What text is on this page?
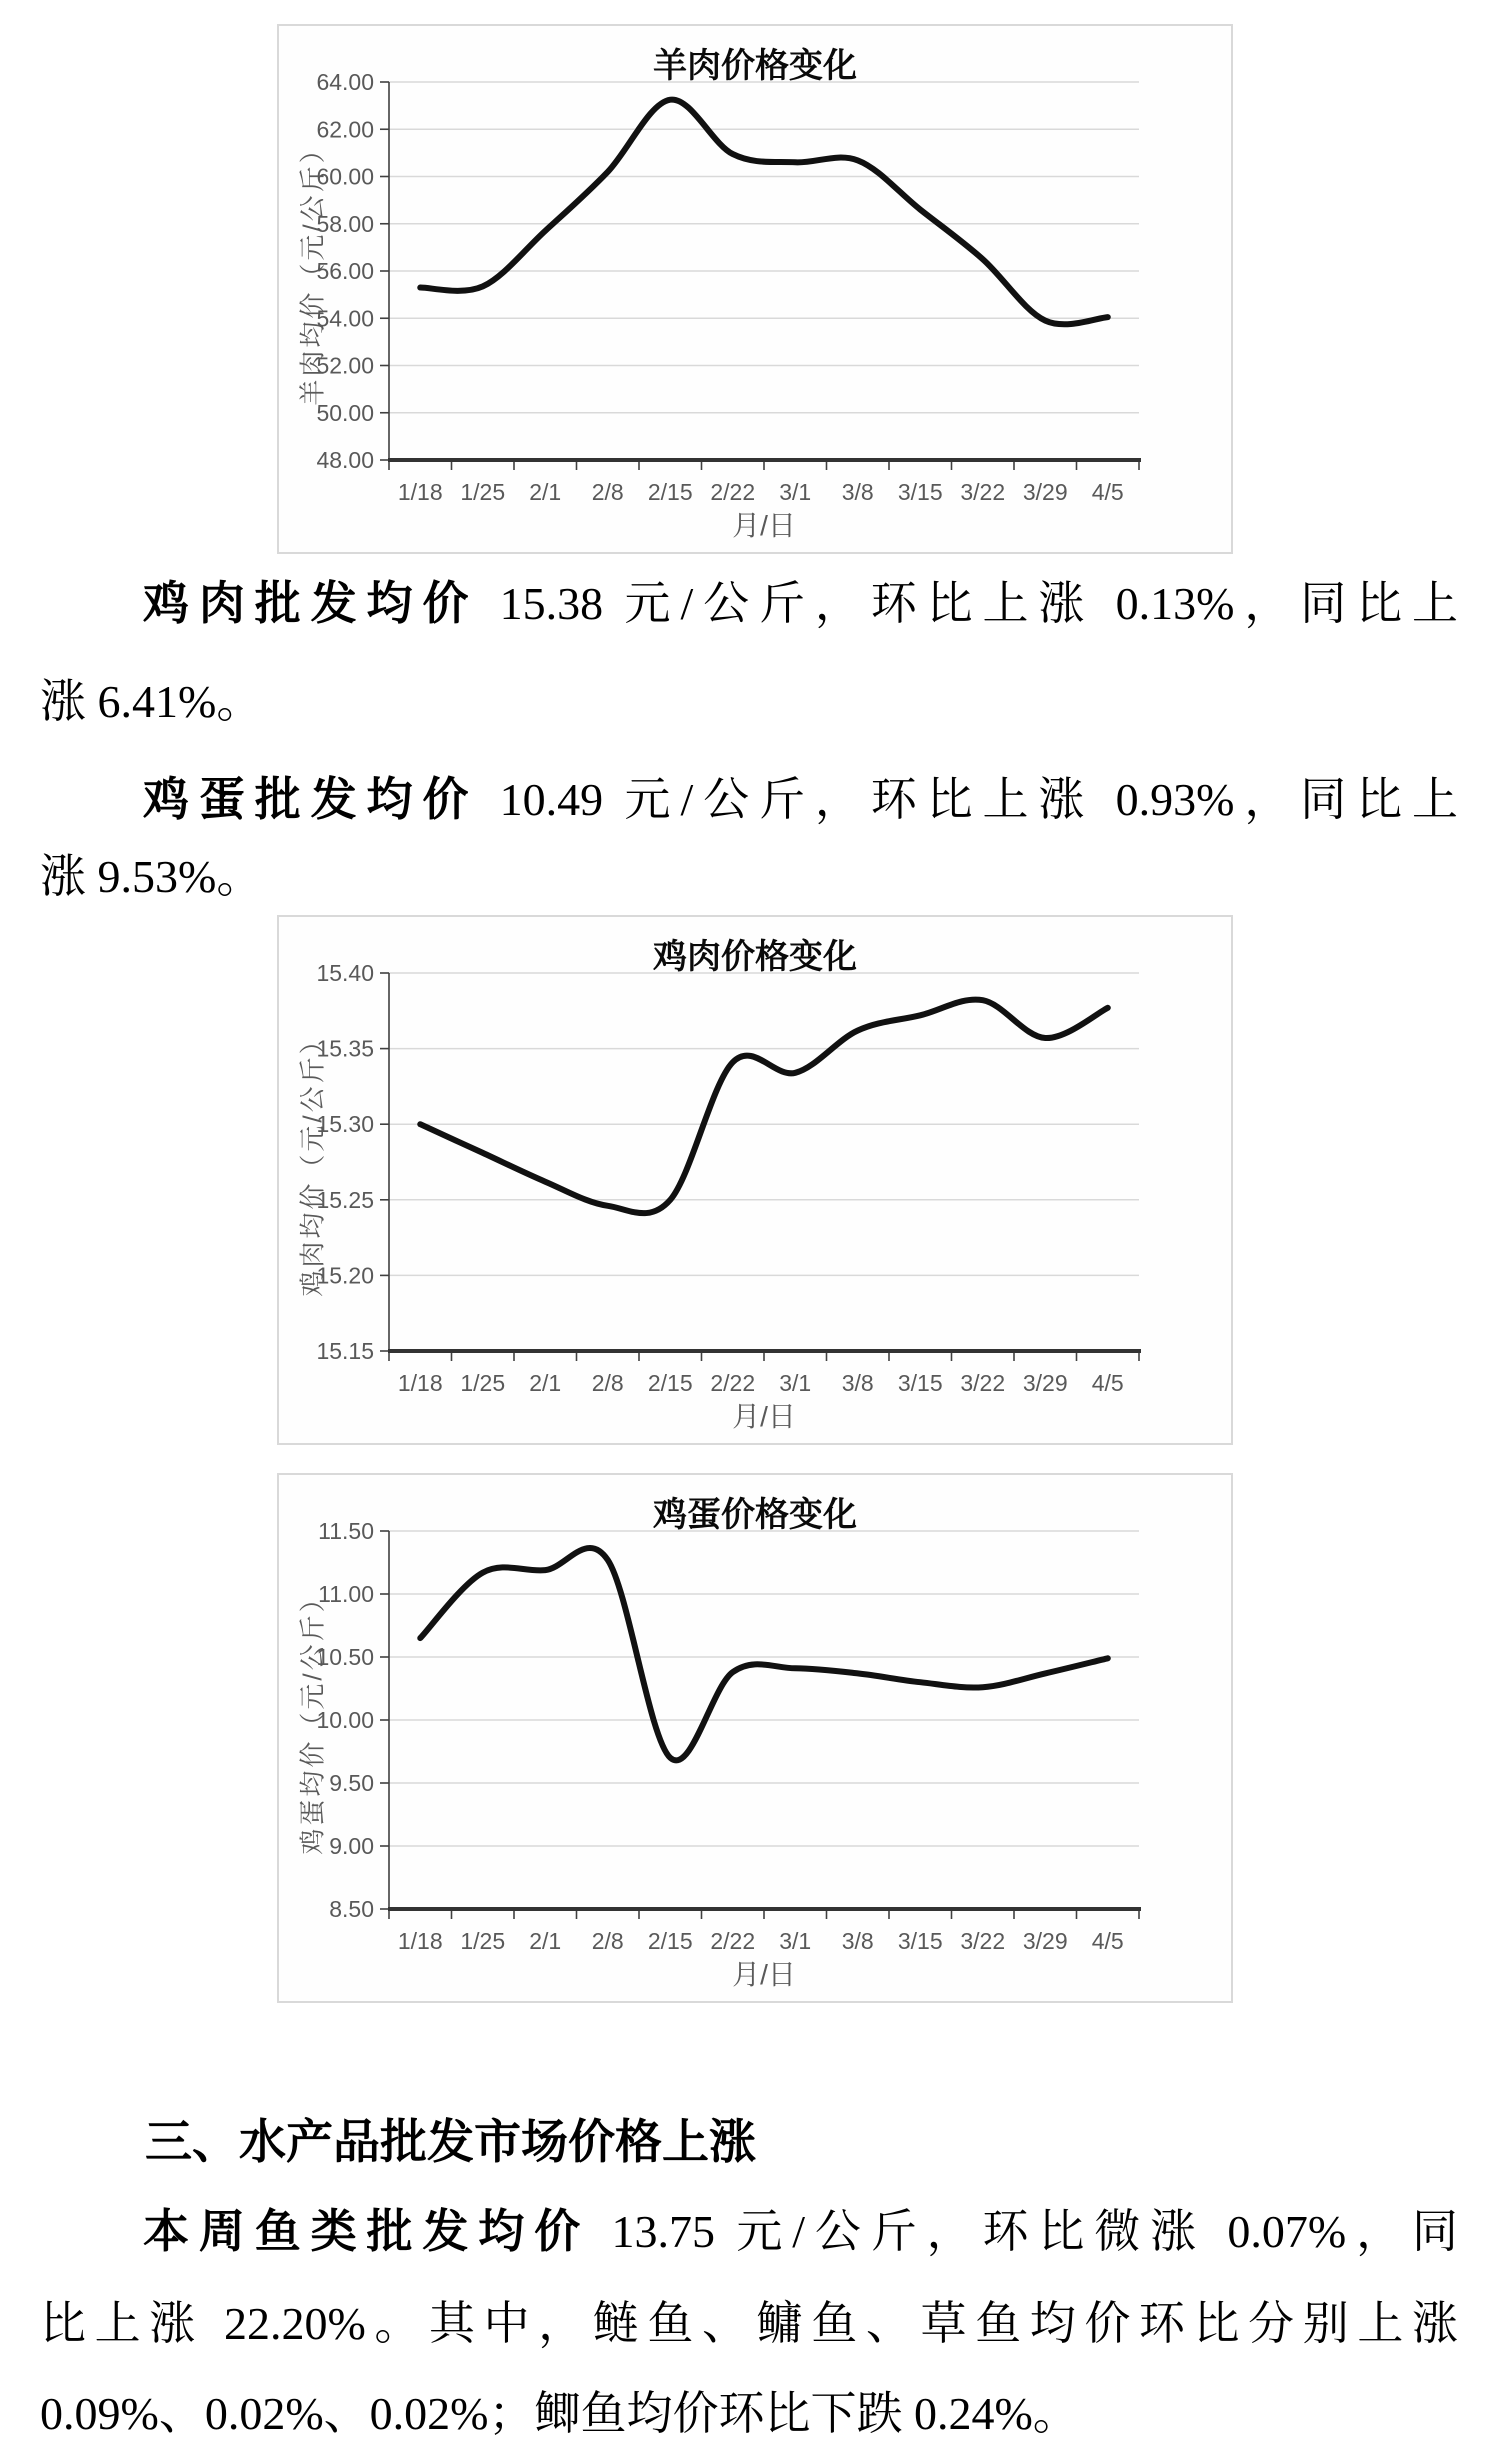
64.00
62.00
60.00
58.00
56.00
54.00
52.00
50.00
48.00
1/18 1/25 2/1 2/8 2/15 2/22 3/1 3/8 3/15 3/22 3/29 4/5
羊肉价格变化
羊肉均价（元/公斤）
月/日
鸡肉批发均价 15.38 元/公斤，环比上涨 0.13%，同比上
涨 6.41%。
鸡蛋批发均价 10.49 元/公斤，环比上涨 0.93%，同比上
涨 9.53%。
15.40
15.35
15.30
15.25
15.20
15.15
1/18 1/25 2/1 2/8 2/15 2/22 3/1 3/8 3/15 3/22 3/29 4/5
鸡肉价格变化
鸡肉均价（元/公斤）
月/日
11.50
11.00
10.50
10.00
9.50
9.00
8.50
1/18 1/25 2/1 2/8 2/15 2/22 3/1 3/8 3/15 3/22 3/29 4/5
鸡蛋价格变化
鸡蛋均价（元/公斤）
月/日
三、水产品批发市场价格上涨
本周鱼类批发均价 13.75 元/公斤，环比微涨 0.07%，同
比上涨 22.20%。其中，鲢鱼、鳙鱼、草鱼均价环比分别上涨
0.09%、0.02%、0.02%；鲫鱼均价环比下跌 0.24%。
